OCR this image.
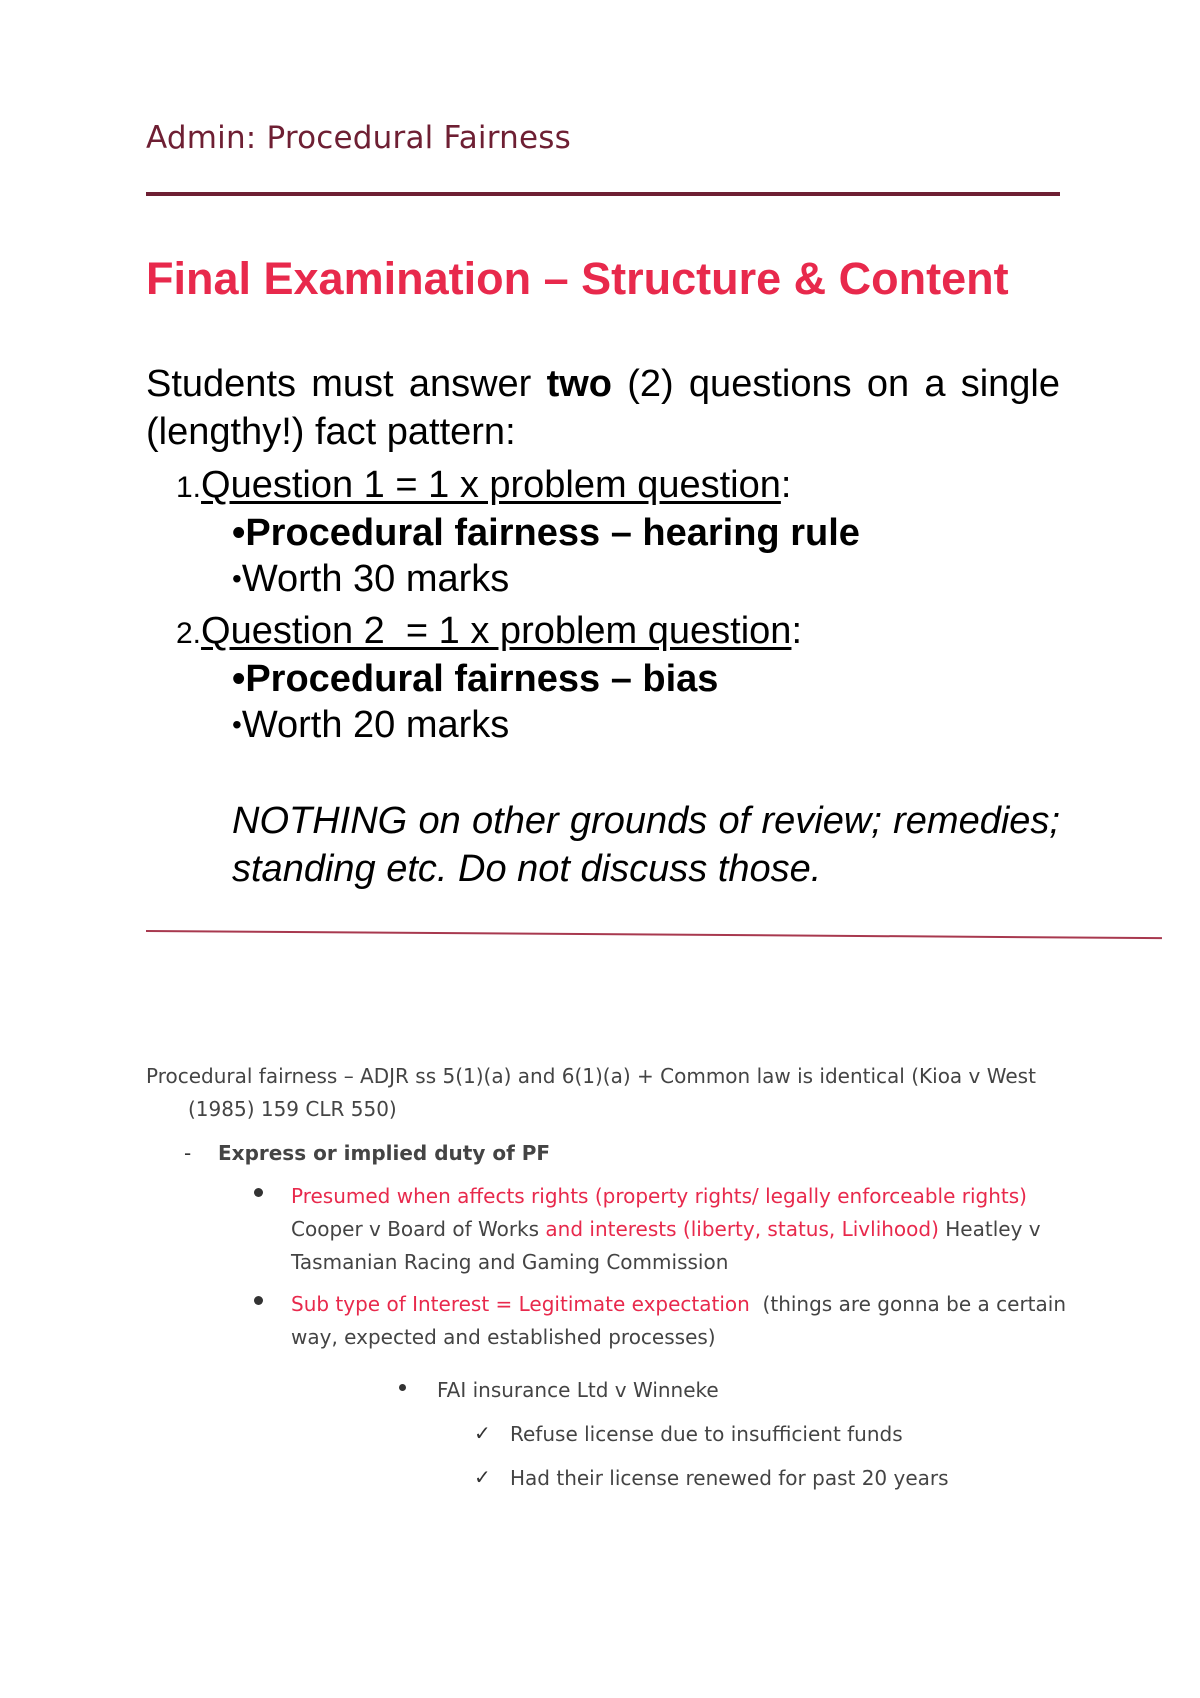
Admin: Procedural Fairness
Final Examination – Structure & Content
Students must answer two (2) questions on a single (lengthy!) fact pattern:
1.Question 1 = 1 x problem question:
•Procedural fairness – hearing rule
•Worth 30 marks
2.Question 2  = 1 x problem question:
•Procedural fairness – bias
•Worth 20 marks
NOTHING on other grounds of review; remedies; standing etc. Do not discuss those.
Procedural fairness – ADJR ss 5(1)(a) and 6(1)(a) + Common law is identical (Kioa v West
(1985) 159 CLR 550)
- Express or implied duty of PF
Presumed when affects rights (property rights/ legally enforceable rights)
Cooper v Board of Works and interests (liberty, status, Livlihood) Heatley v
Tasmanian Racing and Gaming Commission
Sub type of Interest = Legitimate expectation  (things are gonna be a certain
way, expected and established processes)
FAI insurance Ltd v Winneke
✓ Refuse license due to insufficient funds
✓ Had their license renewed for past 20 years
